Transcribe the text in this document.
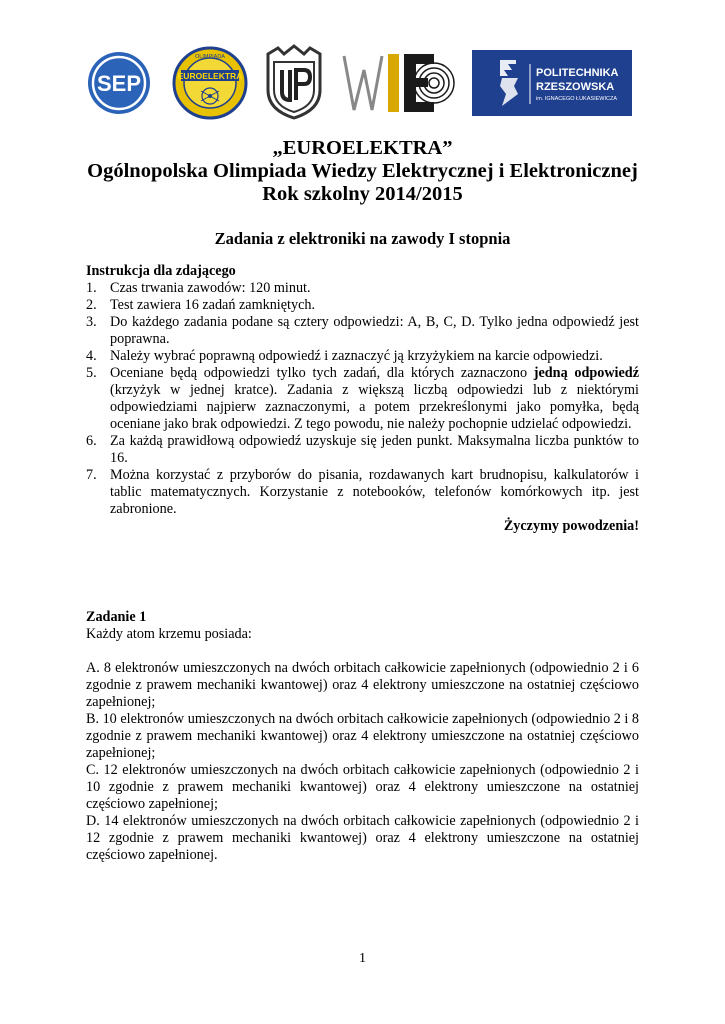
SEP	EUROELEKTRA
OLIMPIADA
POLITECHNIKA
RZESZOWSKA
im. IGNACEGO ŁUKASIEWICZA
„EUROELEKTRA”
Ogólnopolska Olimpiada Wiedzy Elektrycznej i Elektronicznej
Rok szkolny 2014/2015
Zadania z elektroniki na zawody I stopnia
Instrukcja dla zdającego
1. Czas trwania zawodów: 120 minut.
2. Test zawiera 16 zadań zamkniętych.
3. Do każdego zadania podane są cztery odpowiedzi: A, B, C, D. Tylko jedna odpowiedź jest poprawna.
4. Należy wybrać poprawną odpowiedź i zaznaczyć ją krzyżykiem na karcie odpowiedzi.
5. Oceniane będą odpowiedzi tylko tych zadań, dla których zaznaczono jedną odpowiedź (krzyżyk w jednej kratce). Zadania z większą liczbą odpowiedzi lub z niektórymi odpowiedziami najpierw zaznaczonymi, a potem przekreślonymi jako pomyłka, będą oceniane jako brak odpowiedzi. Z tego powodu, nie należy pochopnie udzielać odpowiedzi.
6. Za każdą prawidłową odpowiedź uzyskuje się jeden punkt. Maksymalna liczba punktów to 16.
7. Można korzystać z przyborów do pisania, rozdawanych kart brudnopisu, kalkulatorów i tablic matematycznych. Korzystanie z notebooków, telefonów komórkowych itp. jest zabronione.
Życzymy powodzenia!
Zadanie 1
Każdy atom krzemu posiada:
A. 8 elektronów umieszczonych na dwóch orbitach całkowicie zapełnionych (odpowiednio 2 i 6 zgodnie z prawem mechaniki kwantowej) oraz 4 elektrony umieszczone na ostatniej częściowo zapełnionej;
B. 10 elektronów umieszczonych na dwóch orbitach całkowicie zapełnionych (odpowiednio 2 i 8 zgodnie z prawem mechaniki kwantowej) oraz 4 elektrony umieszczone na ostatniej częściowo zapełnionej;
C. 12 elektronów umieszczonych na dwóch orbitach całkowicie zapełnionych (odpowiednio 2 i 10 zgodnie z prawem mechaniki kwantowej) oraz 4 elektrony umieszczone na ostatniej częściowo zapełnionej;
D. 14 elektronów umieszczonych na dwóch orbitach całkowicie zapełnionych (odpowiednio 2 i 12 zgodnie z prawem mechaniki kwantowej) oraz 4 elektrony umieszczone na ostatniej częściowo zapełnionej.
1
